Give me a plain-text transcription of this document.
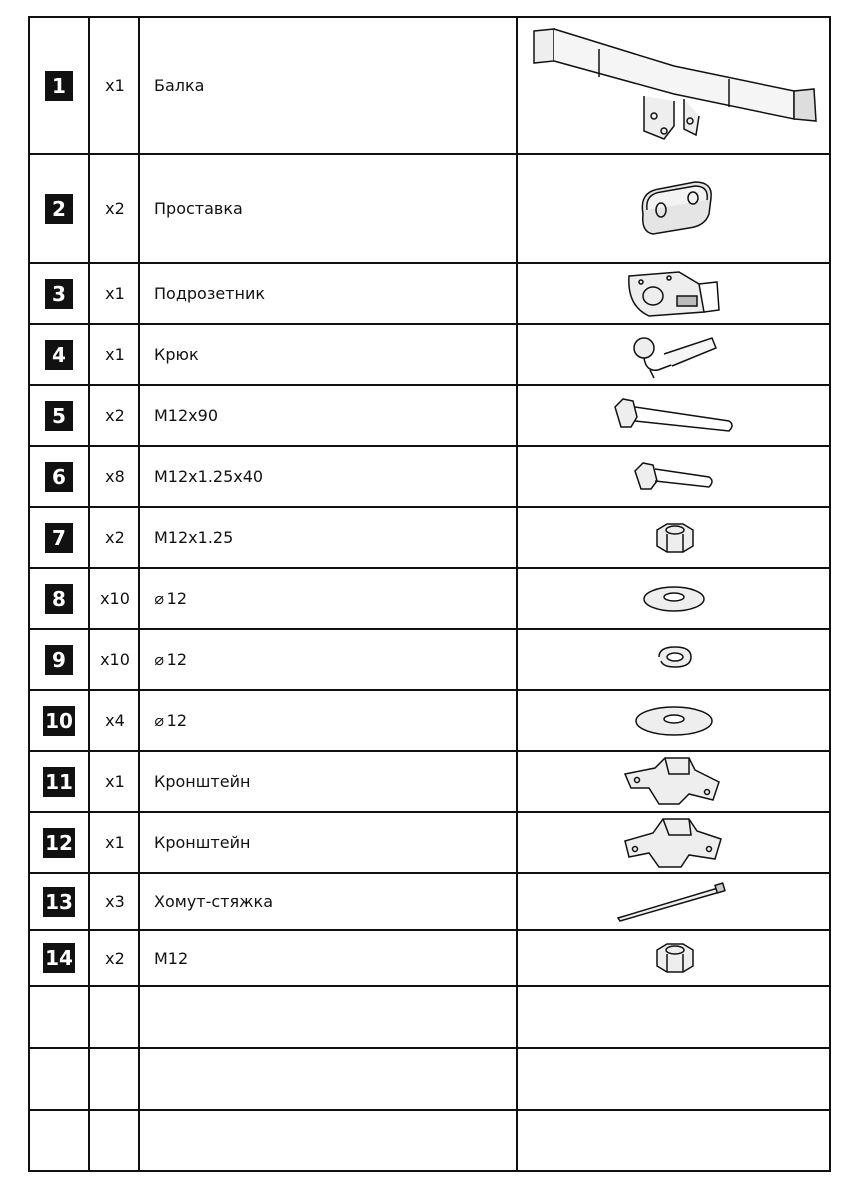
1	x1	Балка
2	x2	Проставка
3	x1	Подрозетник
4	x1	Крюк
5	x2	M12x90
6	x8	M12x1.25x40
7	x2	M12x1.25
8	x10	⌀ 12
9	x10	⌀ 12
10	x4	⌀ 12
11	x1	Кронштейн
12	x1	Кронштейн
13	x3	Хомут-стяжка
14	x2	M12
